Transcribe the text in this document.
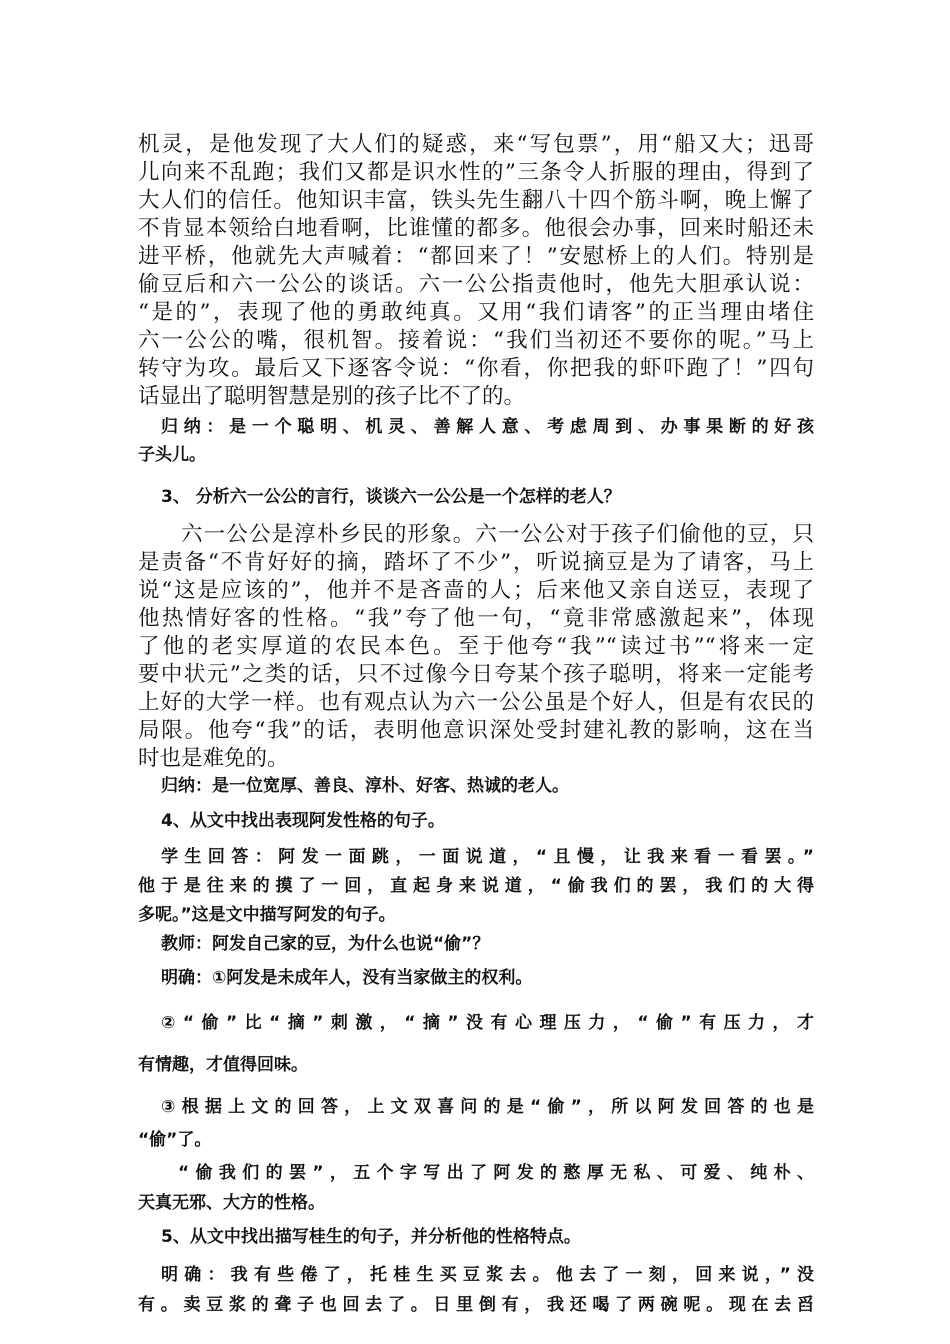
机灵，是他发现了大人们的疑惑，来“写包票”，用“船又大；迅哥
儿向来不乱跑；我们又都是识水性的”三条令人折服的理由，得到了
大人们的信任。他知识丰富，铁头先生翻八十四个筋斗啊，晚上懈了
不肯显本领给白地看啊，比谁懂的都多。他很会办事，回来时船还未
进平桥，他就先大声喊着：“都回来了！”安慰桥上的人们。特别是
偷豆后和六一公公的谈话。六一公公指责他时，他先大胆承认说：
“是的”，表现了他的勇敢纯真。又用“我们请客”的正当理由堵住
六一公公的嘴，很机智。接着说：“我们当初还不要你的呢。”马上
转守为攻。最后又下逐客令说：“你看，你把我的虾吓跑了！”四句
话显出了聪明智慧是别的孩子比不了的。
归纳：是一个聪明、机灵、善解人意、考虑周到、办事果断的好孩
子头儿。
3、 分析六一公公的言行，谈谈六一公公是一个怎样的老人？
六一公公是淳朴乡民的形象。六一公公对于孩子们偷他的豆，只
是责备“不肯好好的摘，踏坏了不少”，听说摘豆是为了请客，马上
说“这是应该的”，他并不是吝啬的人；后来他又亲自送豆，表现了
他热情好客的性格。“我”夸了他一句，“竟非常感激起来”，体现
了他的老实厚道的农民本色。至于他夸“我”“读过书”“将来一定
要中状元”之类的话，只不过像今日夸某个孩子聪明，将来一定能考
上好的大学一样。也有观点认为六一公公虽是个好人，但是有农民的
局限。他夸“我”的话，表明他意识深处受封建礼教的影响，这在当
时也是难免的。
归纳：是一位宽厚、善良、淳朴、好客、热诚的老人。
4、从文中找出表现阿发性格的句子。
学生回答：阿发一面跳，一面说道，“且慢，让我来看一看罢。”
他于是往来的摸了一回，直起身来说道，“偷我们的罢，我们的大得
多呢。”这是文中描写阿发的句子。
教师：阿发自己家的豆，为什么也说“偷”？
明确：①阿发是未成年人，没有当家做主的权利。
②“偷”比“摘”刺激，“摘”没有心理压力，“偷”有压力，才
有情趣，才值得回味。
③根据上文的回答，上文双喜问的是“偷”，所以阿发回答的也是
“偷”了。
“偷我们的罢”，五个字写出了阿发的憨厚无私、可爱、纯朴、
天真无邪、大方的性格。
5、从文中找出描写桂生的句子，并分析他的性格特点。
明确：我有些倦了，托桂生买豆浆去。他去了一刻，回来说，”没
有。卖豆浆的聋子也回去了。日里倒有，我还喝了两碗呢。现在去舀
